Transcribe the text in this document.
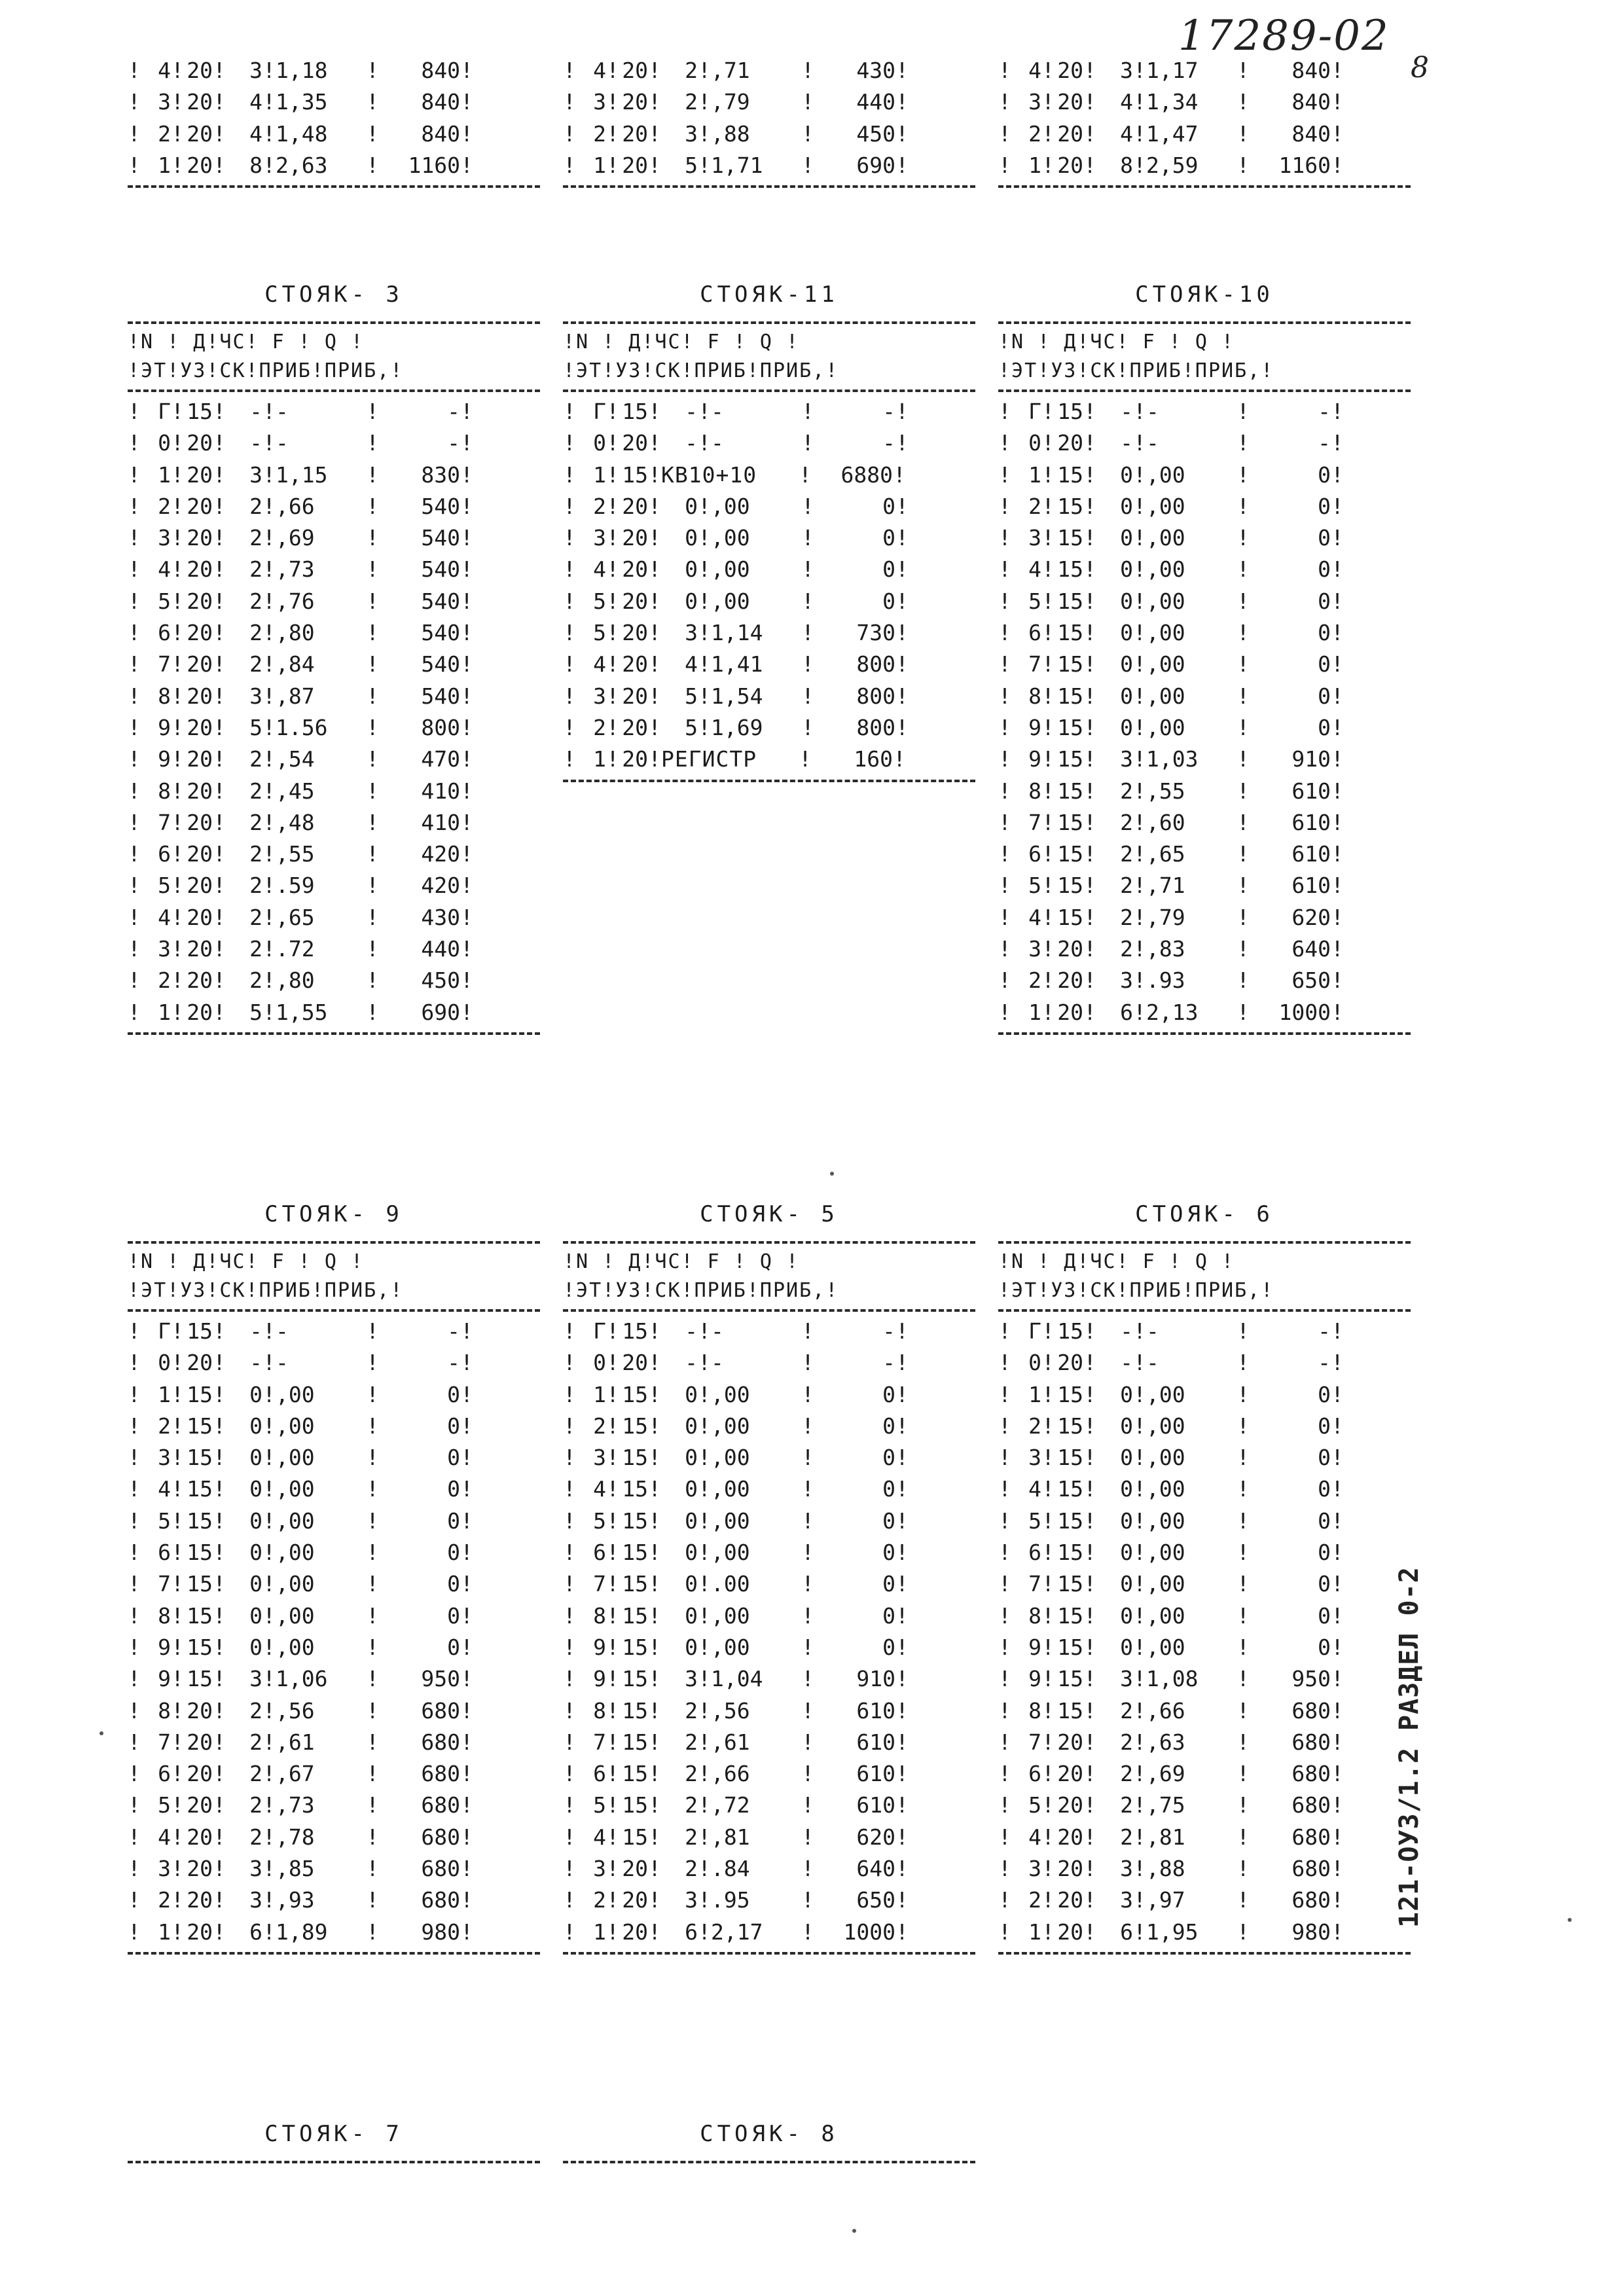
17289-02
8
121-ОУЗ/1.2 РАЗДЕЛ 0-2
! 4 ! 20 !	3 ! 1,18	!	840 !
! 3 ! 20 !	4 ! 1,35	!	840 !
! 2 ! 20 !	4 ! 1,48	!	840 !
! 1 ! 20 !	8 ! 2,63	!	1160 !
! 4 ! 20 !	2 ! ,71	!	430 !
! 3 ! 20 !	2 ! ,79	!	440 !
! 2 ! 20 !	3 ! ,88	!	450 !
! 1 ! 20 !	5 ! 1,71	!	690 !
! 4 ! 20 !	3 ! 1,17	!	840 !
! 3 ! 20 !	4 ! 1,34	!	840 !
! 2 ! 20 !	4 ! 1,47	!	840 !
! 1 ! 20 !	8 ! 2,59	!	1160 !
СТОЯК- 3
!N ! Д!ЧС! F ! Q !
!ЭТ!УЗ!СК!ПРИБ!ПРИБ,!
! Г ! 15 !	- ! -	!	- !
! 0 ! 20 !	- ! -	!	- !
! 1 ! 20 !	3 ! 1,15	!	830 !
! 2 ! 20 !	2 ! ,66	!	540 !
! 3 ! 20 !	2 ! ,69	!	540 !
! 4 ! 20 !	2 ! ,73	!	540 !
! 5 ! 20 !	2 ! ,76	!	540 !
! 6 ! 20 !	2 ! ,80	!	540 !
! 7 ! 20 !	2 ! ,84	!	540 !
! 8 ! 20 !	3 ! ,87	!	540 !
! 9 ! 20 !	5 ! 1.56	!	800 !
! 9 ! 20 !	2 ! ,54	!	470 !
! 8 ! 20 !	2 ! ,45	!	410 !
! 7 ! 20 !	2 ! ,48	!	410 !
! 6 ! 20 !	2 ! ,55	!	420 !
! 5 ! 20 !	2 ! .59	!	420 !
! 4 ! 20 !	2 ! ,65	!	430 !
! 3 ! 20 !	2 ! .72	!	440 !
! 2 ! 20 !	2 ! ,80	!	450 !
! 1 ! 20 !	5 ! 1,55	!	690 !
СТОЯК-11
!N ! Д!ЧС! F ! Q !
!ЭТ!УЗ!СК!ПРИБ!ПРИБ,!
! Г ! 15 !	- ! -	!	- !
! 0 ! 20 !	- ! -	!	- !
! 1 ! 15 ! КВ10+10	!	6880 !
! 2 ! 20 !	0 ! ,00	!	0 !
! 3 ! 20 !	0 ! ,00	!	0 !
! 4 ! 20 !	0 ! ,00	!	0 !
! 5 ! 20 !	0 ! ,00	!	0 !
! 5 ! 20 !	3 ! 1,14	!	730 !
! 4 ! 20 !	4 ! 1,41	!	800 !
! 3 ! 20 !	5 ! 1,54	!	800 !
! 2 ! 20 !	5 ! 1,69	!	800 !
! 1 ! 20 ! РЕГИСТР	!	160 !
СТОЯК-10
!N ! Д!ЧС! F ! Q !
!ЭТ!УЗ!СК!ПРИБ!ПРИБ,!
! Г ! 15 !	- ! -	!	- !
! 0 ! 20 !	- ! -	!	- !
! 1 ! 15 !	0 ! ,00	!	0 !
! 2 ! 15 !	0 ! ,00	!	0 !
! 3 ! 15 !	0 ! ,00	!	0 !
! 4 ! 15 !	0 ! ,00	!	0 !
! 5 ! 15 !	0 ! ,00	!	0 !
! 6 ! 15 !	0 ! ,00	!	0 !
! 7 ! 15 !	0 ! ,00	!	0 !
! 8 ! 15 !	0 ! ,00	!	0 !
! 9 ! 15 !	0 ! ,00	!	0 !
! 9 ! 15 !	3 ! 1,03	!	910 !
! 8 ! 15 !	2 ! ,55	!	610 !
! 7 ! 15 !	2 ! ,60	!	610 !
! 6 ! 15 !	2 ! ,65	!	610 !
! 5 ! 15 !	2 ! ,71	!	610 !
! 4 ! 15 !	2 ! ,79	!	620 !
! 3 ! 20 !	2 ! ,83	!	640 !
! 2 ! 20 !	3 ! .93	!	650 !
! 1 ! 20 !	6 ! 2,13	!	1000 !
СТОЯК- 9
!N ! Д!ЧС! F ! Q !
!ЭТ!УЗ!СК!ПРИБ!ПРИБ,!
! Г ! 15 !	- ! -	!	- !
! 0 ! 20 !	- ! -	!	- !
! 1 ! 15 !	0 ! ,00	!	0 !
! 2 ! 15 !	0 ! ,00	!	0 !
! 3 ! 15 !	0 ! ,00	!	0 !
! 4 ! 15 !	0 ! ,00	!	0 !
! 5 ! 15 !	0 ! ,00	!	0 !
! 6 ! 15 !	0 ! ,00	!	0 !
! 7 ! 15 !	0 ! ,00	!	0 !
! 8 ! 15 !	0 ! ,00	!	0 !
! 9 ! 15 !	0 ! ,00	!	0 !
! 9 ! 15 !	3 ! 1,06	!	950 !
! 8 ! 20 !	2 ! ,56	!	680 !
! 7 ! 20 !	2 ! ,61	!	680 !
! 6 ! 20 !	2 ! ,67	!	680 !
! 5 ! 20 !	2 ! ,73	!	680 !
! 4 ! 20 !	2 ! ,78	!	680 !
! 3 ! 20 !	3 ! ,85	!	680 !
! 2 ! 20 !	3 ! ,93	!	680 !
! 1 ! 20 !	6 ! 1,89	!	980 !
СТОЯК- 5
!N ! Д!ЧС! F ! Q !
!ЭТ!УЗ!СК!ПРИБ!ПРИБ,!
! Г ! 15 !	- ! -	!	- !
! 0 ! 20 !	- ! -	!	- !
! 1 ! 15 !	0 ! ,00	!	0 !
! 2 ! 15 !	0 ! ,00	!	0 !
! 3 ! 15 !	0 ! ,00	!	0 !
! 4 ! 15 !	0 ! ,00	!	0 !
! 5 ! 15 !	0 ! ,00	!	0 !
! 6 ! 15 !	0 ! ,00	!	0 !
! 7 ! 15 !	0 ! .00	!	0 !
! 8 ! 15 !	0 ! ,00	!	0 !
! 9 ! 15 !	0 ! ,00	!	0 !
! 9 ! 15 !	3 ! 1,04	!	910 !
! 8 ! 15 !	2 ! ,56	!	610 !
! 7 ! 15 !	2 ! ,61	!	610 !
! 6 ! 15 !	2 ! ,66	!	610 !
! 5 ! 15 !	2 ! ,72	!	610 !
! 4 ! 15 !	2 ! ,81	!	620 !
! 3 ! 20 !	2 ! .84	!	640 !
! 2 ! 20 !	3 ! .95	!	650 !
! 1 ! 20 !	6 ! 2,17	!	1000 !
СТОЯК- 6
!N ! Д!ЧС! F ! Q !
!ЭТ!УЗ!СК!ПРИБ!ПРИБ,!
! Г ! 15 !	- ! -	!	- !
! 0 ! 20 !	- ! -	!	- !
! 1 ! 15 !	0 ! ,00	!	0 !
! 2 ! 15 !	0 ! ,00	!	0 !
! 3 ! 15 !	0 ! ,00	!	0 !
! 4 ! 15 !	0 ! ,00	!	0 !
! 5 ! 15 !	0 ! ,00	!	0 !
! 6 ! 15 !	0 ! ,00	!	0 !
! 7 ! 15 !	0 ! ,00	!	0 !
! 8 ! 15 !	0 ! ,00	!	0 !
! 9 ! 15 !	0 ! ,00	!	0 !
! 9 ! 15 !	3 ! 1,08	!	950 !
! 8 ! 15 !	2 ! ,66	!	680 !
! 7 ! 20 !	2 ! ,63	!	680 !
! 6 ! 20 !	2 ! ,69	!	680 !
! 5 ! 20 !	2 ! ,75	!	680 !
! 4 ! 20 !	2 ! ,81	!	680 !
! 3 ! 20 !	3 ! ,88	!	680 !
! 2 ! 20 !	3 ! ,97	!	680 !
! 1 ! 20 !	6 ! 1,95	!	980 !
СТОЯК- 7	СТОЯК- 8
